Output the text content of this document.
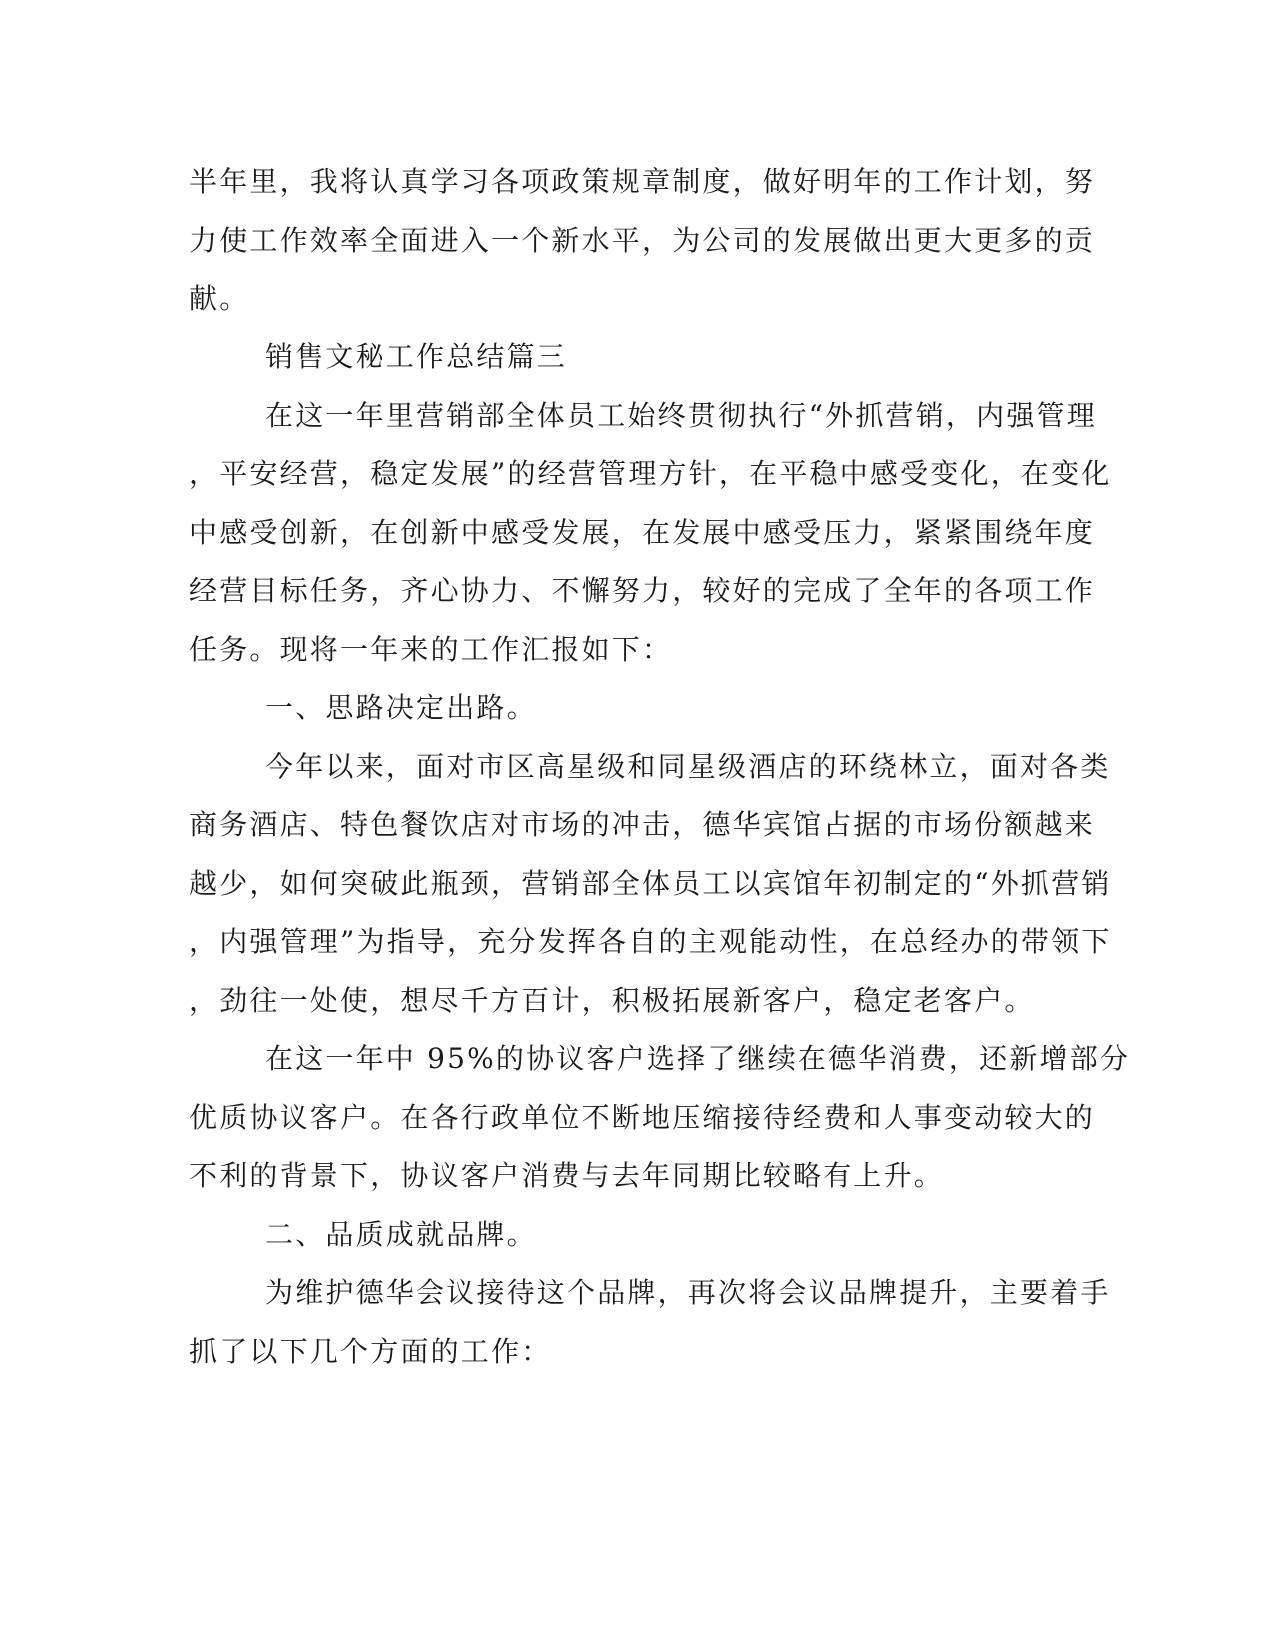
半年里，我将认真学习各项政策规章制度，做好明年的工作计划，努
力使工作效率全面进入一个新水平，为公司的发展做出更大更多的贡
献。
销售文秘工作总结篇三
在这一年里营销部全体员工始终贯彻执行“外抓营销，内强管理
，平安经营，稳定发展”的经营管理方针，在平稳中感受变化，在变化
中感受创新，在创新中感受发展，在发展中感受压力，紧紧围绕年度
经营目标任务，齐心协力、不懈努力，较好的完成了全年的各项工作
任务。现将一年来的工作汇报如下：
一、思路决定出路。
今年以来，面对市区高星级和同星级酒店的环绕林立，面对各类
商务酒店、特色餐饮店对市场的冲击，德华宾馆占据的市场份额越来
越少，如何突破此瓶颈，营销部全体员工以宾馆年初制定的“外抓营销
，内强管理”为指导，充分发挥各自的主观能动性，在总经办的带领下
，劲往一处使，想尽千方百计，积极拓展新客户，稳定老客户。
在这一年中 95%的协议客户选择了继续在德华消费，还新增部分
优质协议客户。在各行政单位不断地压缩接待经费和人事变动较大的
不利的背景下，协议客户消费与去年同期比较略有上升。
二、品质成就品牌。
为维护德华会议接待这个品牌，再次将会议品牌提升，主要着手
抓了以下几个方面的工作：
